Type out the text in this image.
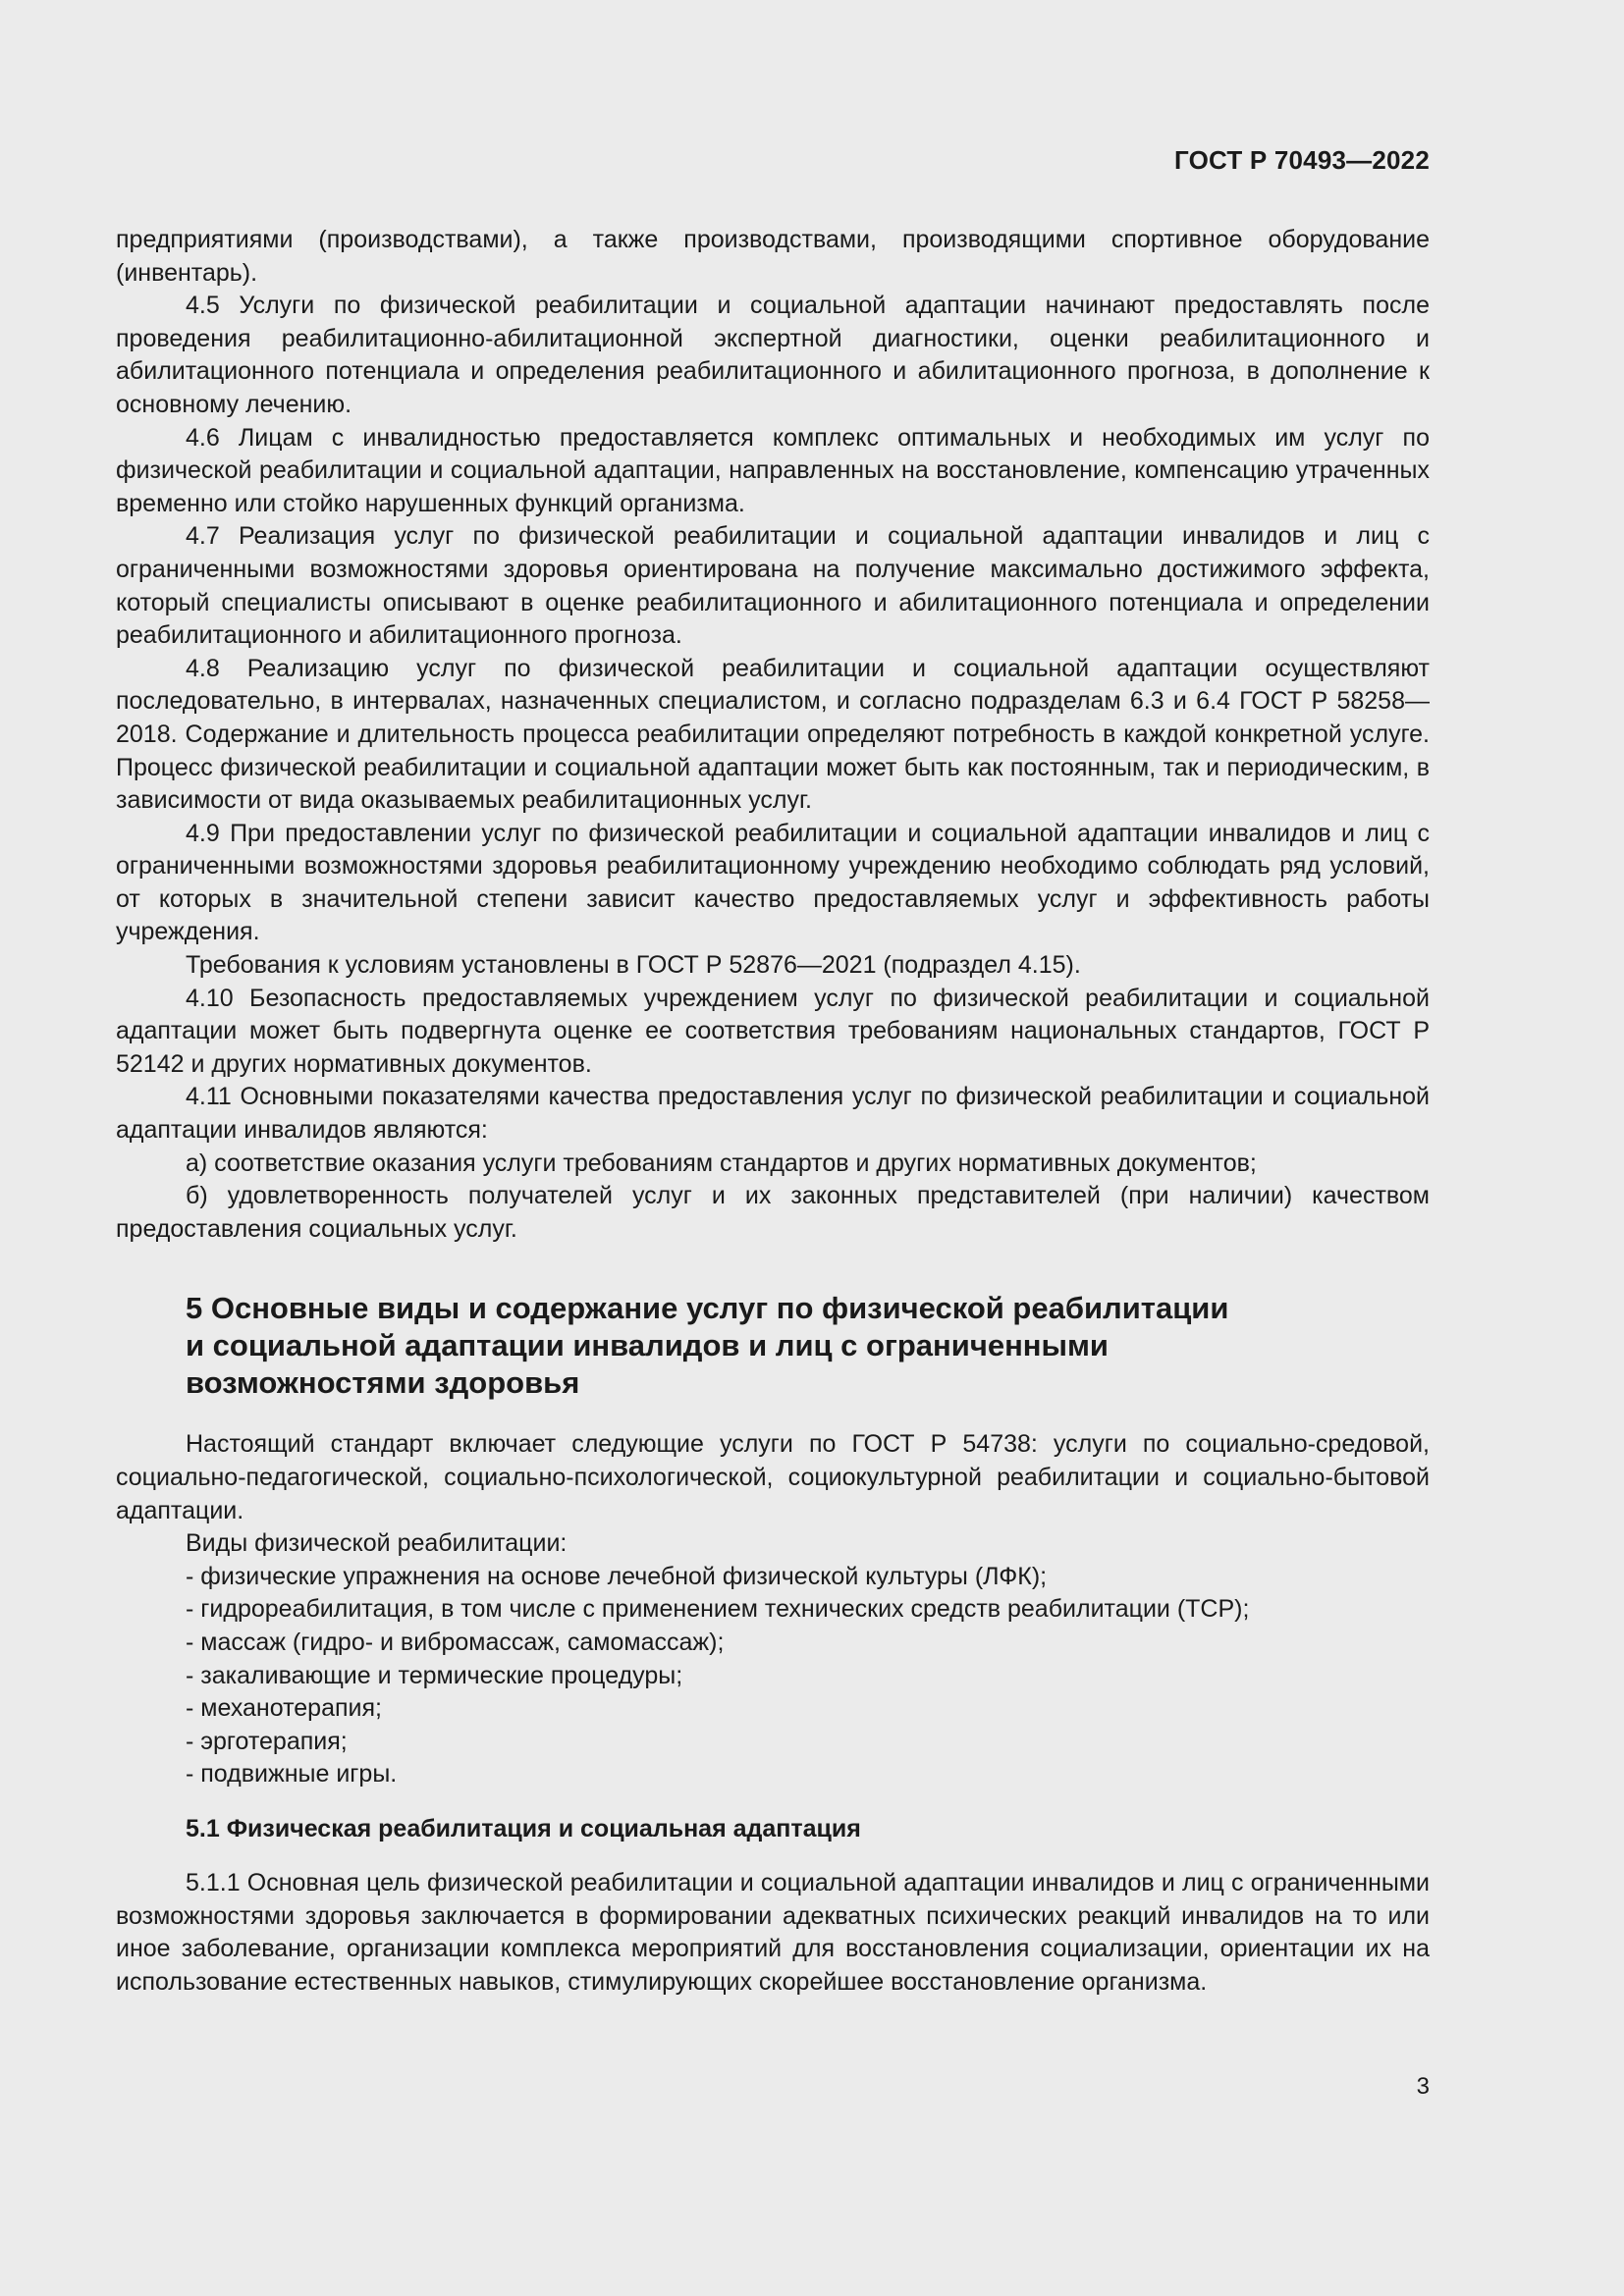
ГОСТ Р 70493—2022

предприятиями (производствами), а также производствами, производящими спортивное оборудование (инвентарь).

4.5 Услуги по физической реабилитации и социальной адаптации начинают предоставлять после проведения реабилитационно-абилитационной экспертной диагностики, оценки реабилитационного и абилитационного потенциала и определения реабилитационного и абилитационного прогноза, в дополнение к основному лечению.

4.6 Лицам с инвалидностью предоставляется комплекс оптимальных и необходимых им услуг по физической реабилитации и социальной адаптации, направленных на восстановление, компенсацию утраченных временно или стойко нарушенных функций организма.

4.7 Реализация услуг по физической реабилитации и социальной адаптации инвалидов и лиц с ограниченными возможностями здоровья ориентирована на получение максимально достижимого эффекта, который специалисты описывают в оценке реабилитационного и абилитационного потенциала и определении реабилитационного и абилитационного прогноза.

4.8 Реализацию услуг по физической реабилитации и социальной адаптации осуществляют последовательно, в интервалах, назначенных специалистом, и согласно подразделам 6.3 и 6.4 ГОСТ Р 58258—2018. Содержание и длительность процесса реабилитации определяют потребность в каждой конкретной услуге. Процесс физической реабилитации и социальной адаптации может быть как постоянным, так и периодическим, в зависимости от вида оказываемых реабилитационных услуг.

4.9 При предоставлении услуг по физической реабилитации и социальной адаптации инвалидов и лиц с ограниченными возможностями здоровья реабилитационному учреждению необходимо соблюдать ряд условий, от которых в значительной степени зависит качество предоставляемых услуг и эффективность работы учреждения.

Требования к условиям установлены в ГОСТ Р 52876—2021 (подраздел 4.15).

4.10 Безопасность предоставляемых учреждением услуг по физической реабилитации и социальной адаптации может быть подвергнута оценке ее соответствия требованиям национальных стандартов, ГОСТ Р 52142 и других нормативных документов.

4.11 Основными показателями качества предоставления услуг по физической реабилитации и социальной адаптации инвалидов являются:

а) соответствие оказания услуги требованиям стандартов и других нормативных документов;

б) удовлетворенность получателей услуг и их законных представителей (при наличии) качеством предоставления социальных услуг.

5 Основные виды и содержание услуг по физической реабилитации
и социальной адаптации инвалидов и лиц с ограниченными
возможностями здоровья

Настоящий стандарт включает следующие услуги по ГОСТ Р 54738: услуги по социально-средовой, социально-педагогической, социально-психологической, социокультурной реабилитации и социально-бытовой адаптации.

Виды физической реабилитации:

- физические упражнения на основе лечебной физической культуры (ЛФК);

- гидрореабилитация, в том числе с применением технических средств реабилитации (ТСР);

- массаж (гидро- и вибромассаж, самомассаж);

- закаливающие и термические процедуры;

- механотерапия;

- эрготерапия;

- подвижные игры.

5.1 Физическая реабилитация и социальная адаптация

5.1.1 Основная цель физической реабилитации и социальной адаптации инвалидов и лиц с ограниченными возможностями здоровья заключается в формировании адекватных психических реакций инвалидов на то или иное заболевание, организации комплекса мероприятий для восстановления социализации, ориентации их на использование естественных навыков, стимулирующих скорейшее восстановление организма.

3
